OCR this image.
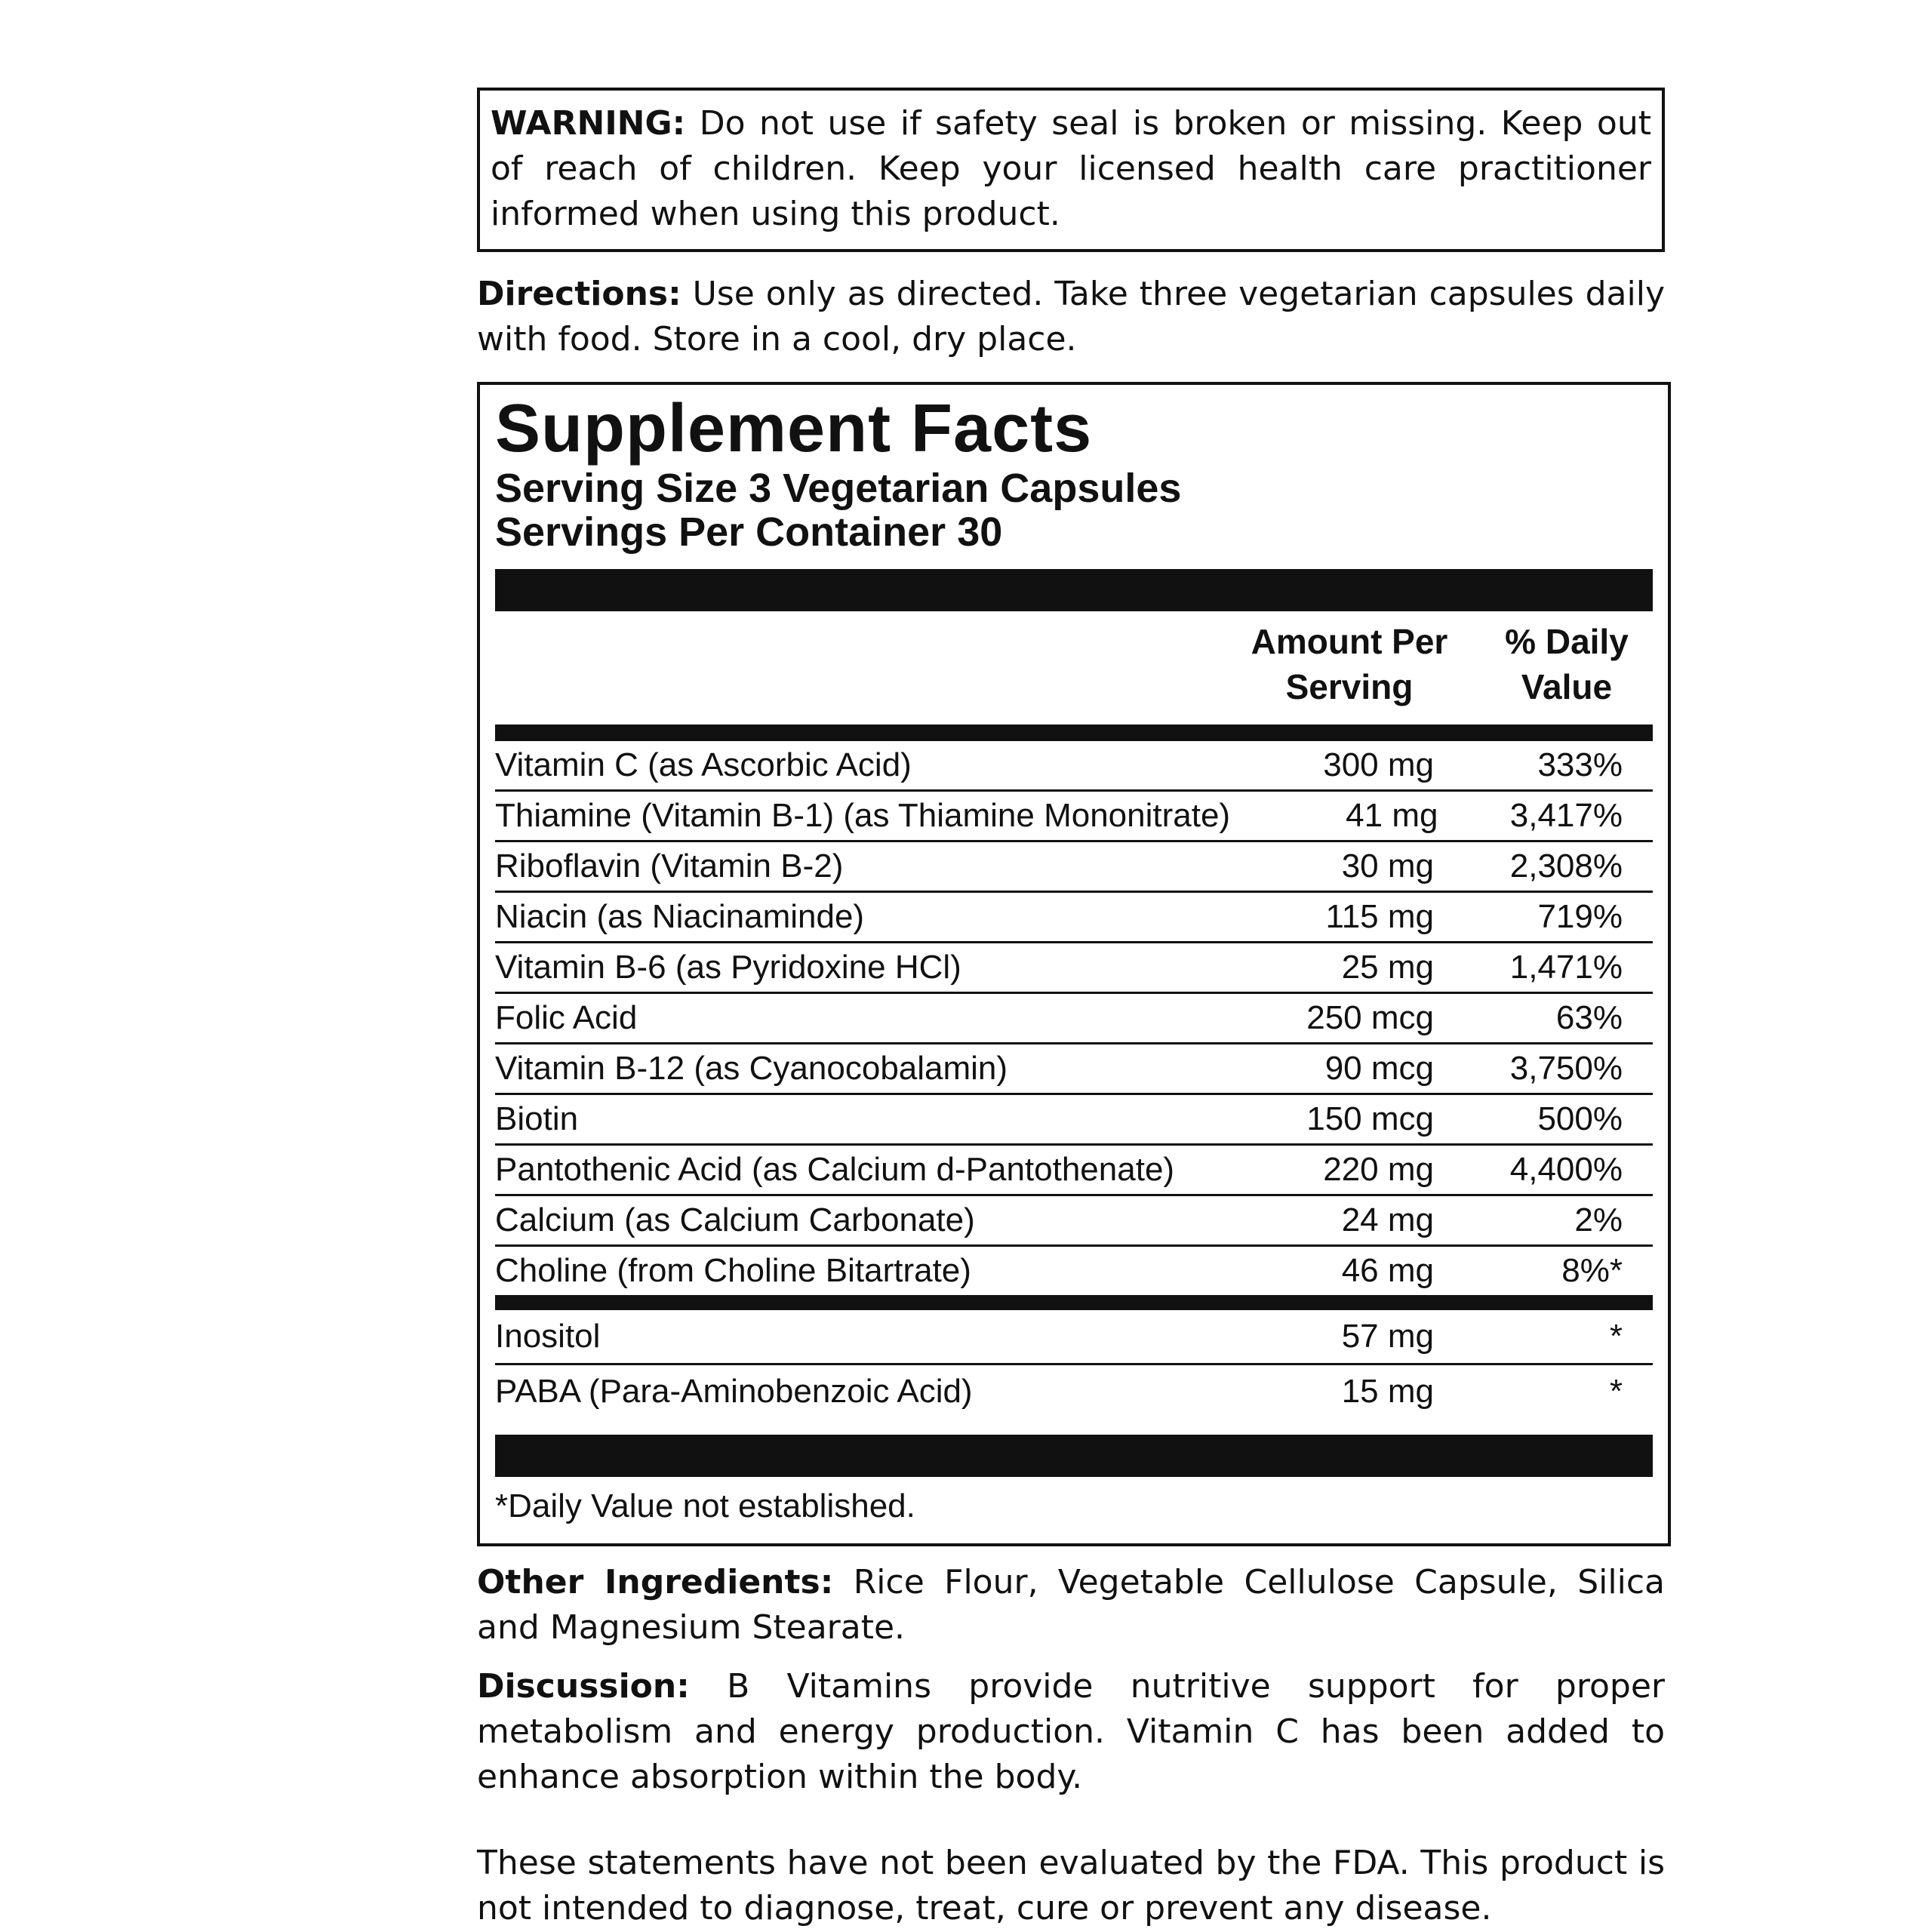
WARNING: Do not use if safety seal is broken or missing. Keep out of reach of children. Keep your licensed health care practitioner informed when using this product.
Directions: Use only as directed. Take three vegetarian capsules daily with food. Store in a cool, dry place.
Supplement Facts
Serving Size 3 Vegetarian Capsules
Servings Per Container 30
Amount Per
Serving
% Daily
Value
Vitamin C (as Ascorbic Acid)	300 mg	333%
Thiamine (Vitamin B-1) (as Thiamine Mononitrate)	41 mg	3,417%
Riboflavin (Vitamin B-2)	30 mg	2,308%
Niacin (as Niacinaminde)	115 mg	719%
Vitamin B-6 (as Pyridoxine HCl)	25 mg	1,471%
Folic Acid	250 mcg	63%
Vitamin B-12 (as Cyanocobalamin)	90 mcg	3,750%
Biotin	150 mcg	500%
Pantothenic Acid (as Calcium d-Pantothenate)	220 mg	4,400%
Calcium (as Calcium Carbonate)	24 mg	2%
Choline (from Choline Bitartrate)	46 mg	8%*
Inositol	57 mg	*
PABA (Para-Aminobenzoic Acid)	15 mg	*
*Daily Value not established.
Other Ingredients: Rice Flour, Vegetable Cellulose Capsule, Silica and Magnesium Stearate.
Discussion: B Vitamins provide nutritive support for proper metabolism and energy production. Vitamin C has been added to enhance absorption within the body.
These statements have not been evaluated by the FDA. This product is not intended to diagnose, treat, cure or prevent any disease.
